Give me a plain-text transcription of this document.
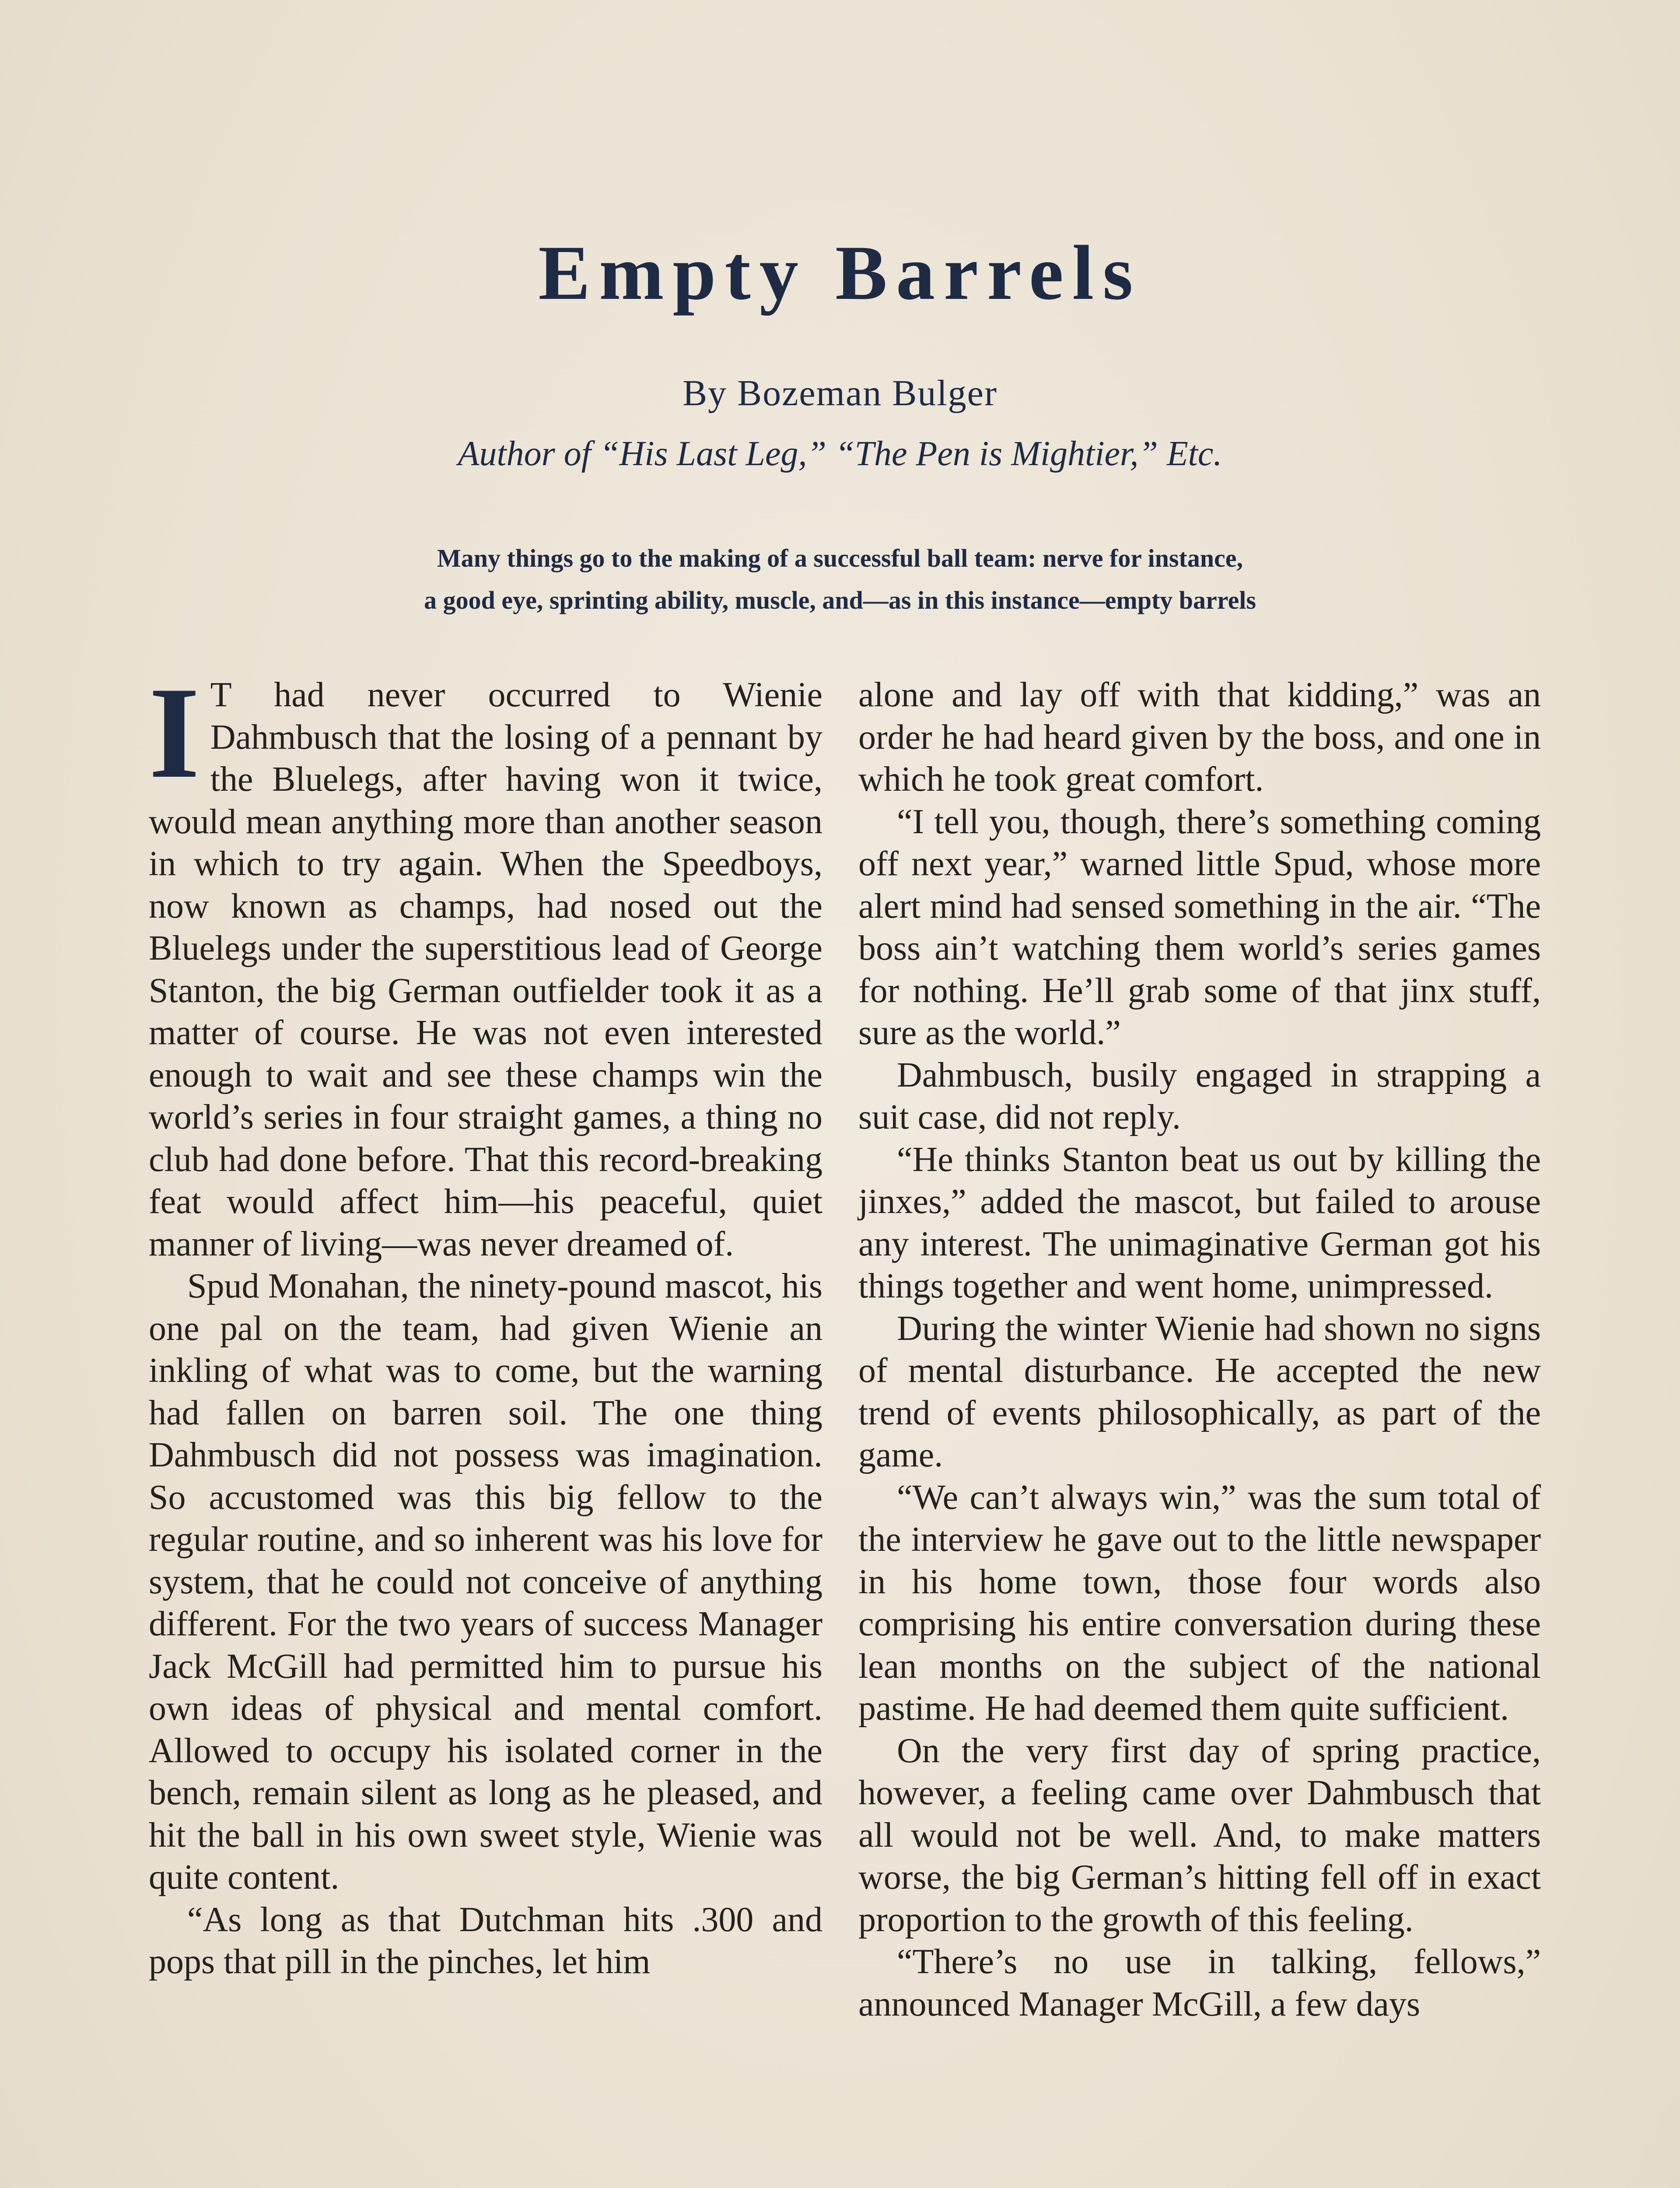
Empty Barrels
By Bozeman Bulger
Author of “His Last Leg,” “The Pen is Mightier,” Etc.
Many things go to the making of a successful ball team: nerve for instance,
a good eye, sprinting ability, muscle, and—as in this instance—empty barrels

I T had never occurred to Wienie Dahmbusch that the losing of a pennant by the Bluelegs, after having won it twice, would mean anything more than another season in which to try again. When the Speedboys, now known as champs, had nosed out the Bluelegs under the superstitious lead of George Stanton, the big German outfielder took it as a matter of course. He was not even interested enough to wait and see these champs win the world’s series in four straight games, a thing no club had done before. That this record-breaking feat would affect him—his peaceful, quiet manner of living—was never dreamed of.

Spud Monahan, the ninety-pound mascot, his one pal on the team, had given Wienie an inkling of what was to come, but the warning had fallen on barren soil. The one thing Dahmbusch did not possess was imagination. So accustomed was this big fellow to the regular routine, and so inherent was his love for system, that he could not conceive of anything different. For the two years of success Manager Jack McGill had permitted him to pursue his own ideas of physical and mental comfort. Allowed to occupy his isolated corner in the bench, remain silent as long as he pleased, and hit the ball in his own sweet style, Wienie was quite content.

“As long as that Dutchman hits .300 and pops that pill in the pinches, let him

alone and lay off with that kidding,” was an order he had heard given by the boss, and one in which he took great comfort.

“I tell you, though, there’s something coming off next year,” warned little Spud, whose more alert mind had sensed something in the air. “The boss ain’t watching them world’s series games for nothing. He’ll grab some of that jinx stuff, sure as the world.”

Dahmbusch, busily engaged in strapping a suit case, did not reply.

“He thinks Stanton beat us out by killing the jinxes,” added the mascot, but failed to arouse any interest. The unimaginative German got his things together and went home, unimpressed.

During the winter Wienie had shown no signs of mental disturbance. He accepted the new trend of events philosophically, as part of the game.

“We can’t always win,” was the sum total of the interview he gave out to the little newspaper in his home town, those four words also comprising his entire conversation during these lean months on the subject of the national pastime. He had deemed them quite sufficient.

On the very first day of spring practice, however, a feeling came over Dahmbusch that all would not be well. And, to make matters worse, the big German’s hitting fell off in exact proportion to the growth of this feeling.

“There’s no use in talking, fellows,” announced Manager McGill, a few days
